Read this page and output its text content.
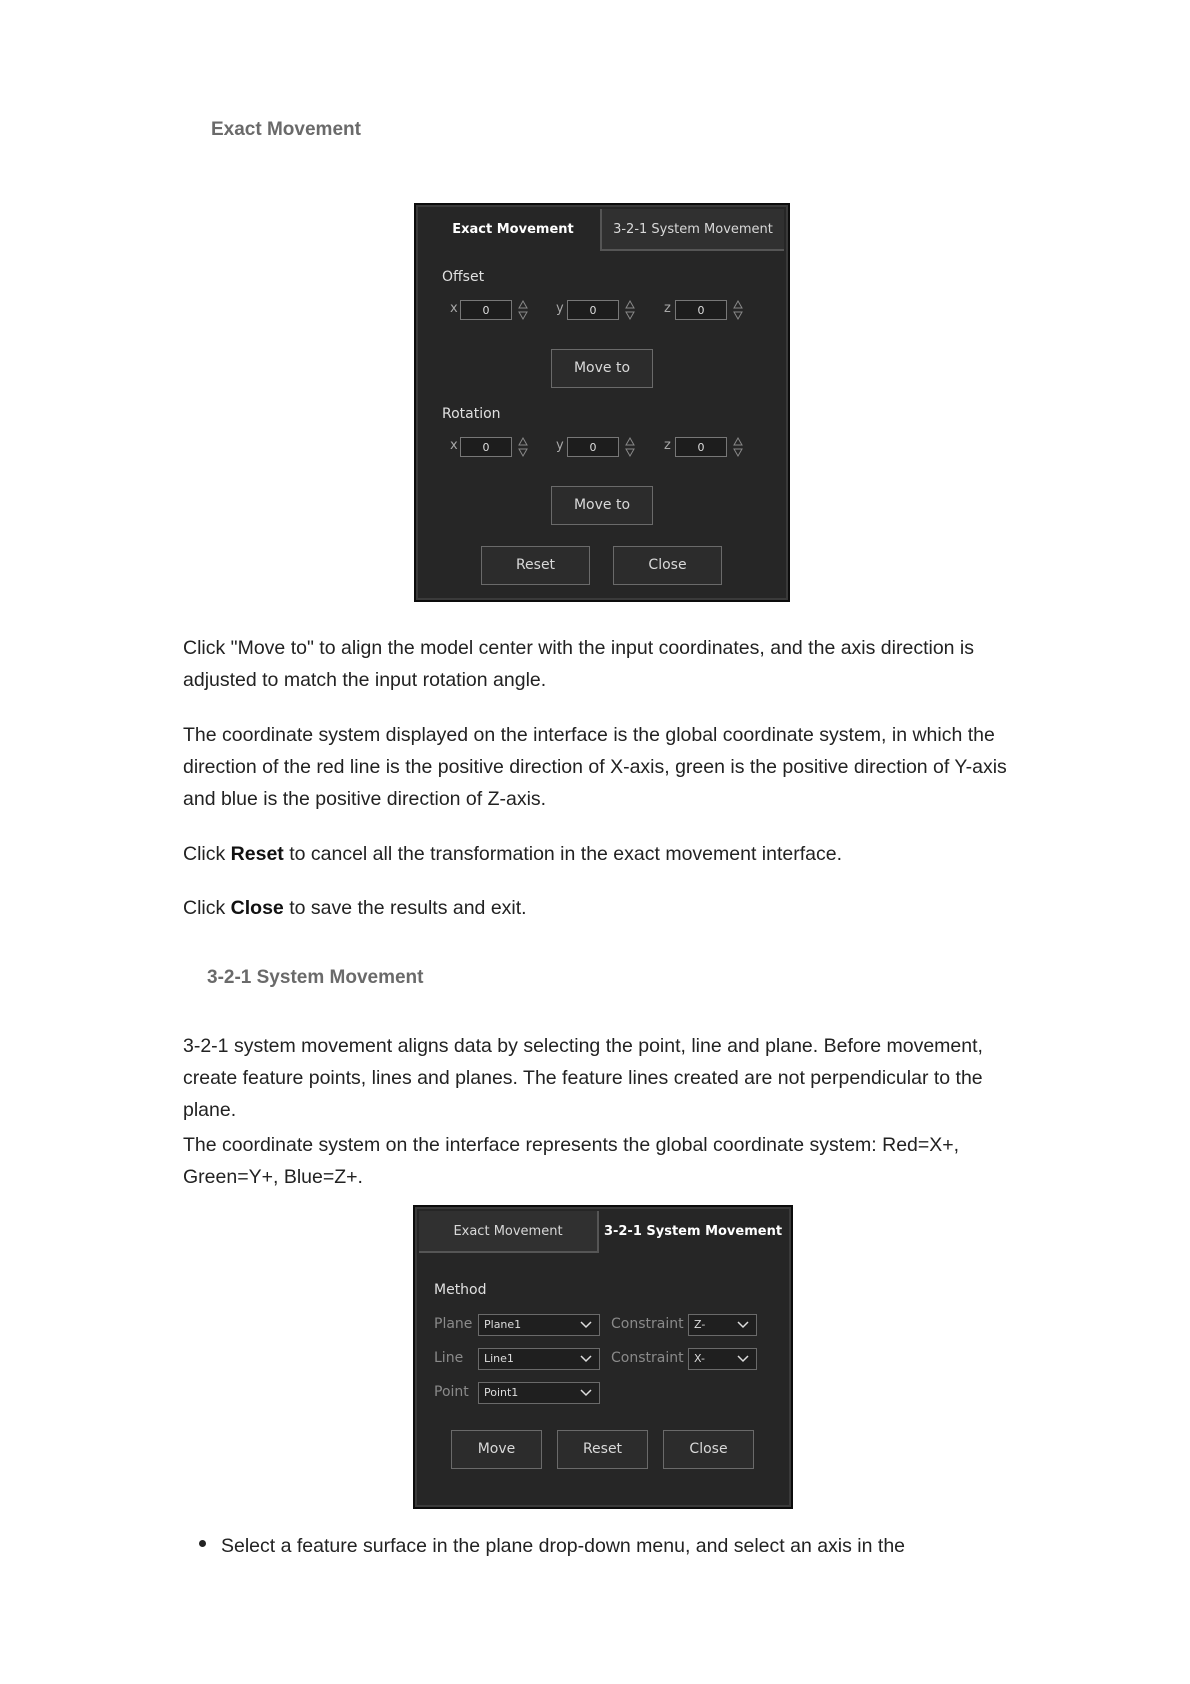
Exact Movement
Exact Movement	3-2-1 System Movement
Offset
x	0	y	0	z	0
Move to
Rotation
x	0	y	0	z	0
Move to
Reset	Close

Click "Move to" to align the model center with the input coordinates, and the axis direction is adjusted to match the input rotation angle.

The coordinate system displayed on the interface is the global coordinate system, in which the direction of the red line is the positive direction of X-axis, green is the positive direction of Y-axis and blue is the positive direction of Z-axis.

Click Reset to cancel all the transformation in the exact movement interface.

Click Close to save the results and exit.

3-2-1 System Movement

3-2-1 system movement aligns data by selecting the point, line and plane. Before movement, create feature points, lines and planes. The feature lines created are not perpendicular to the plane.

The coordinate system on the interface represents the global coordinate system: Red=X+, Green=Y+, Blue=Z+.

Exact Movement	3-2-1 System Movement
Method
Plane	Plane1	Constraint Z-
Line	Line1	Constraint X-
Point	Point1
Move	Reset	Close
Select a feature surface in the plane drop-down menu, and select an axis in the
